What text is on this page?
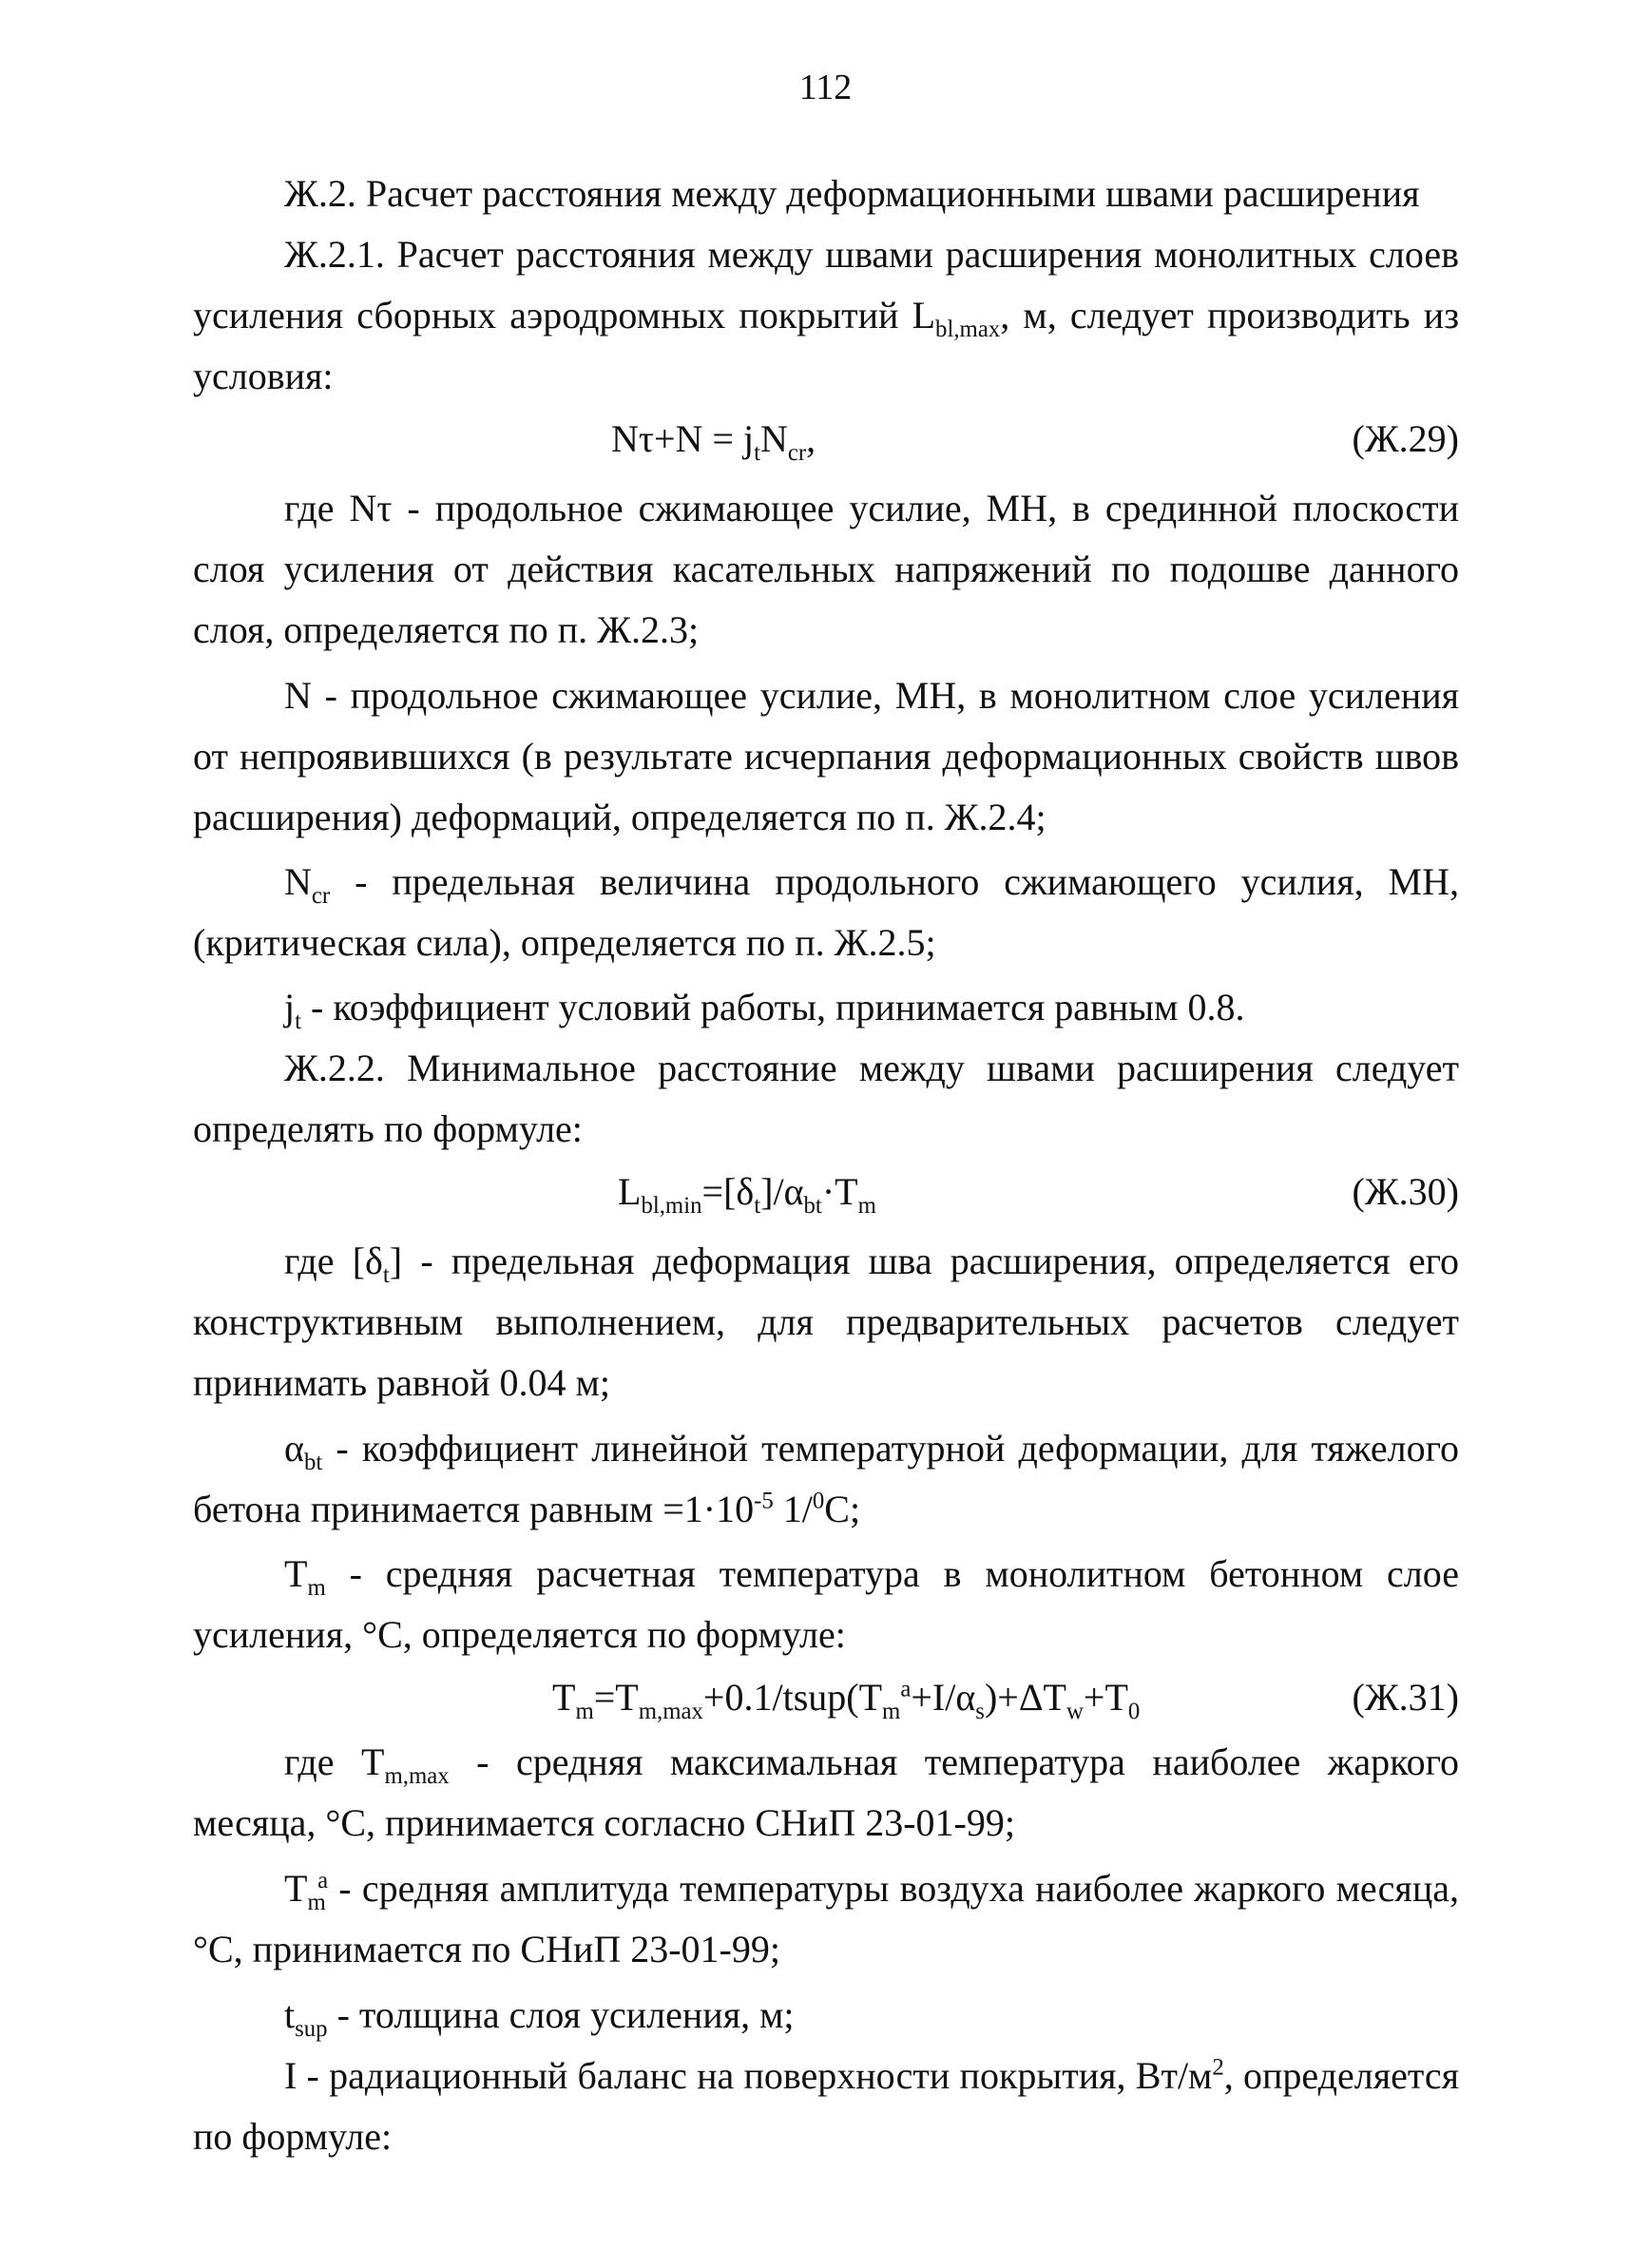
112
Ж.2. Расчет расстояния между деформационными швами расширения
Ж.2.1. Расчет расстояния между швами расширения монолитных слоев усиления сборных аэродромных покрытий $L_{bl,max}$, м, следует производить из условия:
$N\tau+N = j_tN_{cr}$,	(Ж.29)
где Nτ - продольное сжимающее усилие, МН, в срединной плоскости слоя усиления от действия касательных напряжений по подошве данного слоя, определяется по п. Ж.2.3;
N - продольное сжимающее усилие, МН, в монолитном слое усиления от непроявившихся (в результате исчерпания деформационных свойств швов расширения) деформаций, определяется по п. Ж.2.4;
$N_{cr}$ - предельная величина продольного сжимающего усилия, МН, (критическая сила), определяется по п. Ж.2.5;
$j_t$ - коэффициент условий работы, принимается равным 0.8.
Ж.2.2. Минимальное расстояние между швами расширения следует определять по формуле:
$L_{bl,min}=[\delta_t]/\alpha_{bt}\cdot T_m$	(Ж.30)
где $[\delta_t]$ - предельная деформация шва расширения, определяется его конструктивным выполнением, для предварительных расчетов следует принимать равной 0.04 м;
$\alpha_{bt}$ - коэффициент линейной температурной деформации, для тяжелого бетона принимается равным $=1\cdot 10^{-5}$ 1/$^0$С;
$T_m$ - средняя расчетная температура в монолитном бетонном слое усиления, °С, определяется по формуле:
$T_m=T_{m,max}+0.1/tsup(T_m^a+I/\alpha_s)+\Delta T_w+T_0$	(Ж.31)
где $T_{m,max}$ - средняя максимальная температура наиболее жаркого месяца, °С, принимается согласно СНиП 23-01-99;
$T_m^a$ - средняя амплитуда температуры воздуха наиболее жаркого месяца, °С, принимается по СНиП 23-01-99;
$t_{sup}$ - толщина слоя усиления, м;
I - радиационный баланс на поверхности покрытия, $Вт/м^2$, определяется по формуле:
